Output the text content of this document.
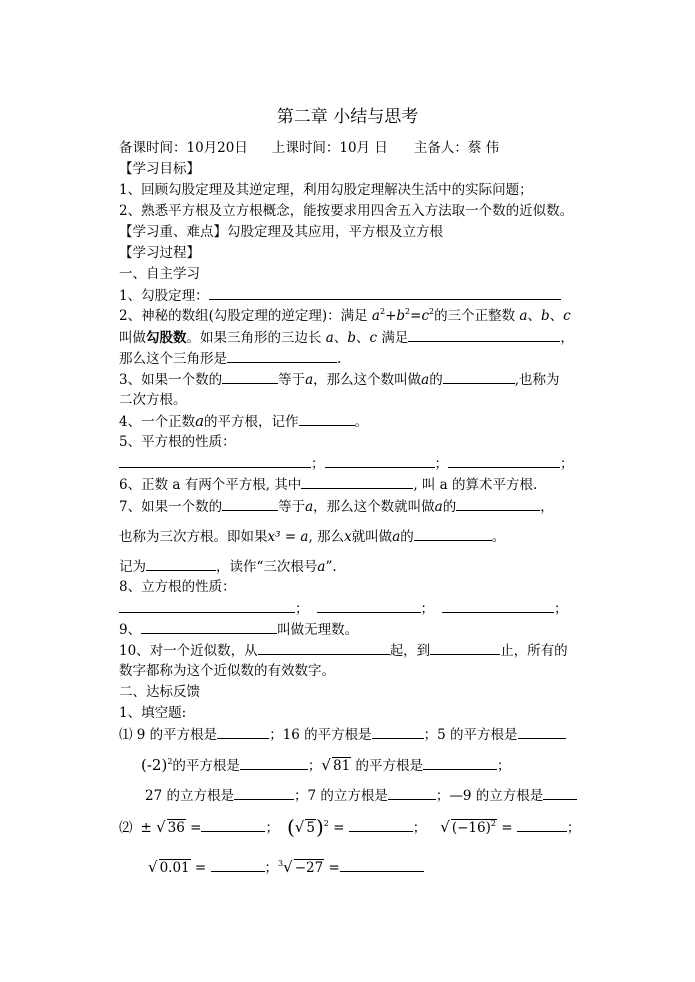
第二章 小结与思考
备课时间：10月20日 上课时间：10月 日 主备人：蔡 伟
【学习目标】
1、回顾勾股定理及其逆定理，利用勾股定理解决生活中的实际问题；
2、熟悉平方根及立方根概念，能按要求用四舍五入方法取一个数的近似数。
【学习重、难点】勾股定理及其应用，平方根及立方根
【学习过程】
一、自主学习
1、勾股定理：
2、神秘的数组(勾股定理的逆定理)：满足 $a^2+b^2=c^2$的三个正整数 a、b、c
叫做勾股数。如果三角形的三边长 a、b、c 满足	，
那么这个三角形是	.
3、如果一个数的	等于a，那么这个数叫做a的	,也称为
二次方根。
4、一个正数a的平方根，记作	。
5、平方根的性质：
；	；	；
6、正数 a 有两个平方根, 其中	, 叫 a 的算术平方根.
7、如果一个数的	等于a，那么这个数就叫做a的	，
也称为三次方根。即如果x³ = a, 那么x就叫做a的	。
记为	，读作“三次根号a”.
8、立方根的性质：
；	；	；
9、	叫做无理数。
10、对一个近似数，从	起，到	止，所有的
数字都称为这个近似数的有效数字。
二、达标反馈
1、填空题:
⑴ 9 的平方根是	；16 的平方根是	；5 的平方根是
$(-2)^2$的平方根是	；√ 81 的平方根是	；
27 的立方根是	；7 的立方根是	；—9 的立方根是
⑵ ± √ 36 =	； (√ 5)$^2$ =	； √ $(-16)^2$ =	；
√ 0.01 =	；$^3$√ −27 =
